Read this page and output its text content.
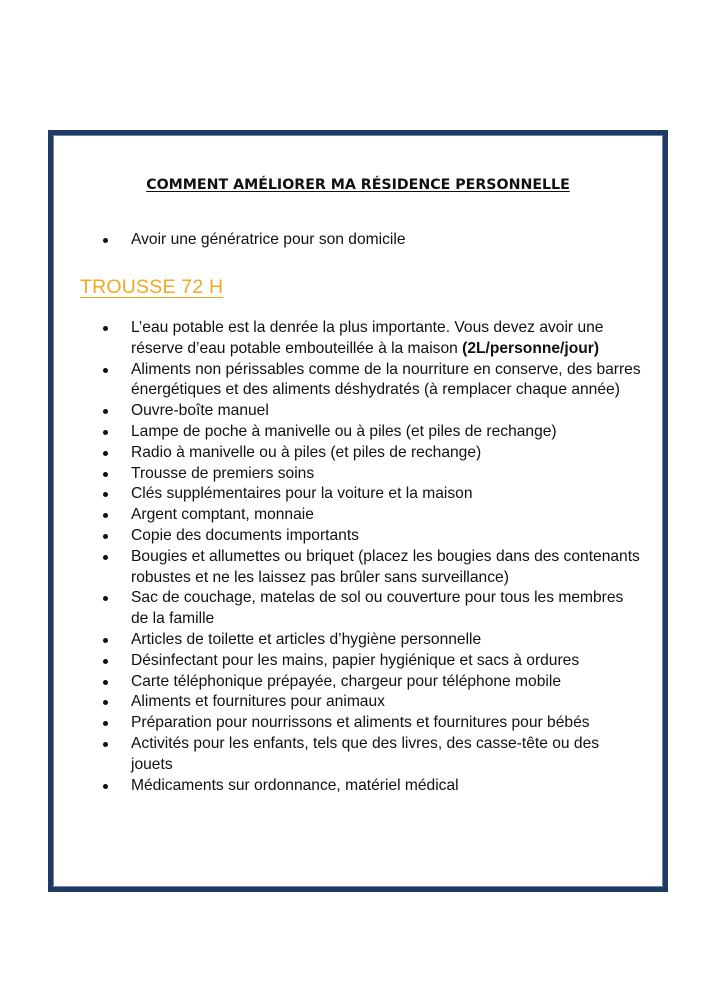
COMMENT AMÉLIORER MA RÉSIDENCE PERSONNELLE
Avoir une génératrice pour son domicile
TROUSSE 72 H
L’eau potable est la denrée la plus importante. Vous devez avoir une réserve d’eau potable embouteillée à la maison (2L/personne/jour)
Aliments non périssables comme de la nourriture en conserve, des barres énergétiques et des aliments déshydratés (à remplacer chaque année)
Ouvre-boîte manuel
Lampe de poche à manivelle ou à piles (et piles de rechange)
Radio à manivelle ou à piles (et piles de rechange)
Trousse de premiers soins
Clés supplémentaires pour la voiture et la maison
Argent comptant, monnaie
Copie des documents importants
Bougies et allumettes ou briquet (placez les bougies dans des contenants robustes et ne les laissez pas brûler sans surveillance)
Sac de couchage, matelas de sol ou couverture pour tous les membres de la famille
Articles de toilette et articles d’hygiène personnelle
Désinfectant pour les mains, papier hygiénique et sacs à ordures
Carte téléphonique prépayée, chargeur pour téléphone mobile
Aliments et fournitures pour animaux
Préparation pour nourrissons et aliments et fournitures pour bébés
Activités pour les enfants, tels que des livres, des casse-tête ou des jouets
Médicaments sur ordonnance, matériel médical
